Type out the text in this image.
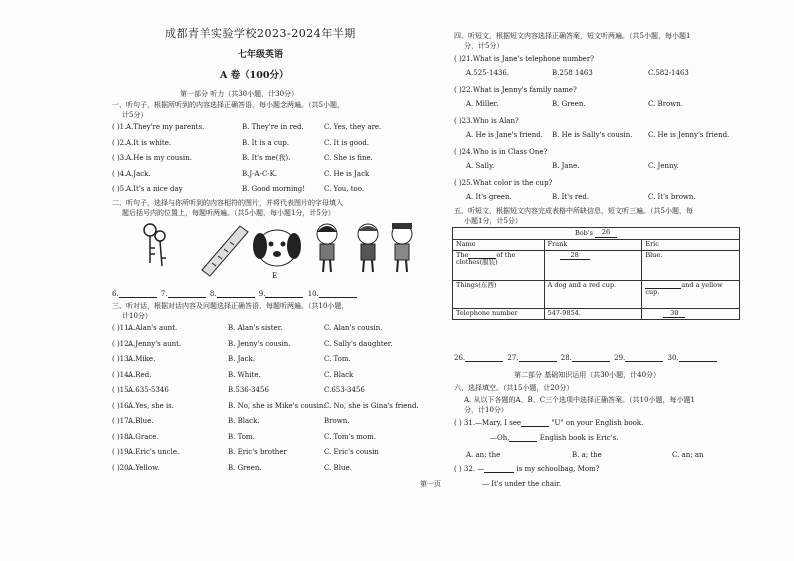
成都青羊实验学校2023-2024年半期
七年级英语
A 卷（100分）
第一部分 听力（共30小题，计30分）
一、听句子，根据所听到的内容选择正确答语，每小题念两遍。（共5小题，
计5分）
( )1. A.They're my parents.	B. They're in red.	C. Yes, they are.
( )2. A.It is white.	B. It is a cup.	C. It is good.
( )3. A.He is my cousin.	B. It's me(我).	C. She is fine.
( )4. A.Jack.	B.J-A-C-K.	C. He is Jack
( )5. A.It's a nice day	B. Good morning!	C. You, too.
二、听句子，选择与你所听到的内容相符的图片，并将代表图片的字母填入
题后括号内的位置上，每题听两遍。（共5小题，每小题1分，计5分）
E
6.	7.	8.	9.	10.
三、听对话，根据对话内容及问题选择正确答语，每题听两遍。（共10小题，
计10分）
( )11.
A.Alan's aunt.	B. Alan's sister.	C. Alan's cousin.
( )12.
A.Jenny's aunt.	B. Jenny's cousin.	C. Sally's daughter.
( )13.
A.Mike.	B. Jack.	C. Tom.
( )14.
A.Red.	B. White.	C. Black
( )15.
A.635-5346	B.536-3456	C.653-3456
( )16.
A.Yes, she is.	B. No, she is Mike's cousin.
C. No, she is Gina's friend.
( )17.
A.Blue.	B. Black.	Brown.
( )18.
A.Grace.	B. Tom.	C. Tom's mom.
( )19.
A.Eric's uncle.	B. Eric's brother	C. Eric's cousin
( )20.
A.Yellow.	B. Green.	C. Blue.
四、听短文，根据短文内容选择正确答案，短文听两遍。（共5小题，每小题1
分，计5分）
( )21.What is Jane's telephone number?
A.525-1436.	B.258 1463	C.582-1463
( )22.What is Jenny's family name?
A. Miller.	B. Green.	C. Brown.
( )23.Who is Alan?
A. He is Jane's friend. B. He is Sally's cousin. C. He is Jenny's friend.
( )24.Who is in Class One?
A. Sally.	B. Jane.	C. Jenny.
( )25.What color is the cup?
A. It's green.	B. It's red.	C. It's brown.
五、听短文，根据短文内容完成表格中所缺信息，短文听三遍。（共5小题，每
小题1分，计5分）
Bob's 26		
Name	Frank	Eric
The of the
clothes(服装)	28	Blue.
Things(东西)	A dog and a red cup.	and a yellow
cup.
Telephone number	547-9854.	30
26.	27.	28.	29.	30.
第二部分 基础知识运用（共30小题，计40分）
六、选择填空。（共15小题，计20分）
A. 从以下各题的A、B、C三个选项中选择正确答案。（共10小题，每小题1
分，计10分）
( ) 31.—Mary, I see	"U" on your English book.
—Oh,	English book is Eric's.
A. an; the	B. a; the	C. an; an
( ) 32. —	is my schoolbag, Mom?
— It's under the chair.
第一页
